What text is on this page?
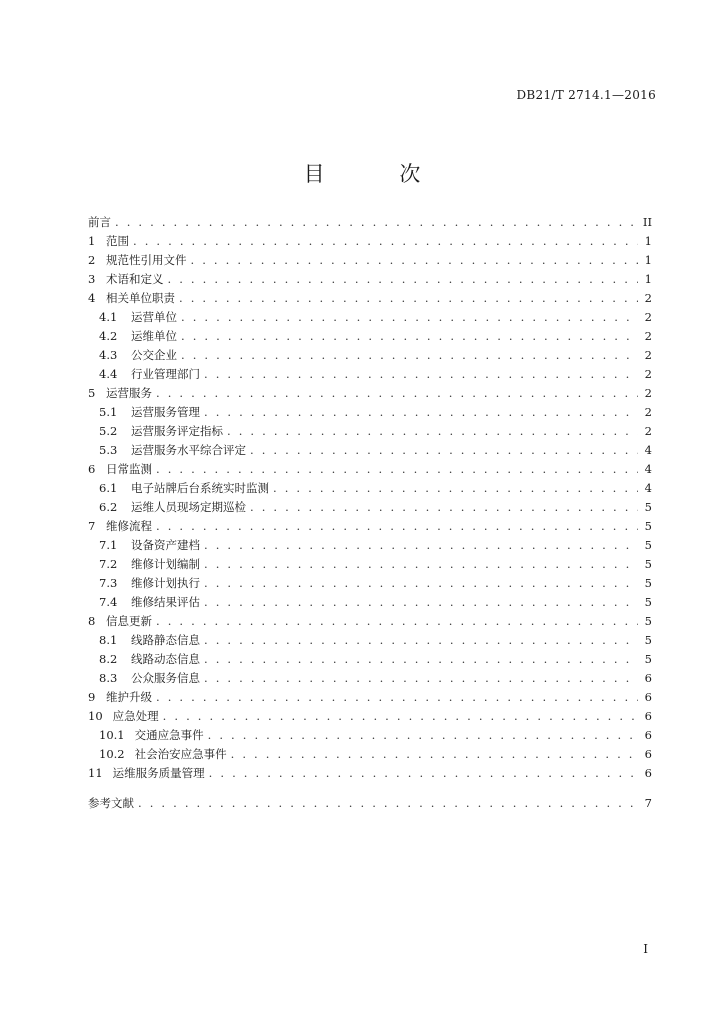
DB21/T 2714.1—2016
目 次
前言 . . .	II
1 范围 . . .	1
2 规范性引用文件 . . .	1
3 术语和定义 . . .	1
4 相关单位职责 . . .	2
4.1	运营单位 . . .	2
4.2	运维单位 . . .	2
4.3	公交企业 . . .	2
4.4	行业管理部门 . . .	2
5 运营服务 . . .	2
5.1	运营服务管理 . . .	2
5.2	运营服务评定指标 . . .	2
5.3	运营服务水平综合评定 . . .	4
6 日常监测 . . .	4
6.1	电子站牌后台系统实时监测 . . .	4
6.2	运维人员现场定期巡检 . . .	5
7 维修流程 . . .	5
7.1	设备资产建档 . . .	5
7.2	维修计划编制 . . .	5
7.3	维修计划执行 . . .	5
7.4	维修结果评估 . . .	5
8 信息更新 . . .	5
8.1	线路静态信息 . . .	5
8.2	线路动态信息 . . .	5
8.3	公众服务信息 . . .	6
9 维护升级 . . .	6
10 应急处理 . . .	6
10.1 交通应急事件 . . .	6
10.2 社会治安应急事件 . . .	6
11 运维服务质量管理 . . .	6
参考文献 . . .	7
I
